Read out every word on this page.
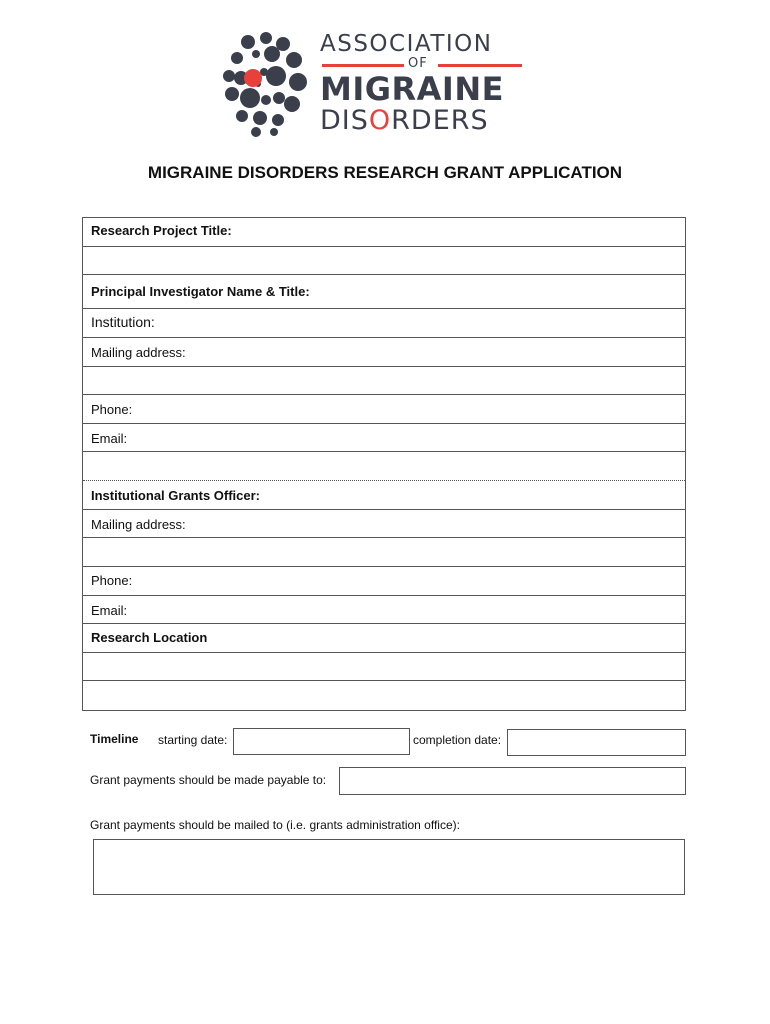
ASSOCIATION
OF
MIGRAINE
DISORDERS
MIGRAINE DISORDERS RESEARCH GRANT APPLICATION
Research Project Title:
Principal Investigator Name & Title:
Institution:
Mailing address:
Phone:
Email:
Institutional Grants Officer:
Mailing address:
Phone:
Email:
Research Location
Timeline starting date:	completion date:
Grant payments should be made payable to:
Grant payments should be mailed to (i.e. grants administration office):
